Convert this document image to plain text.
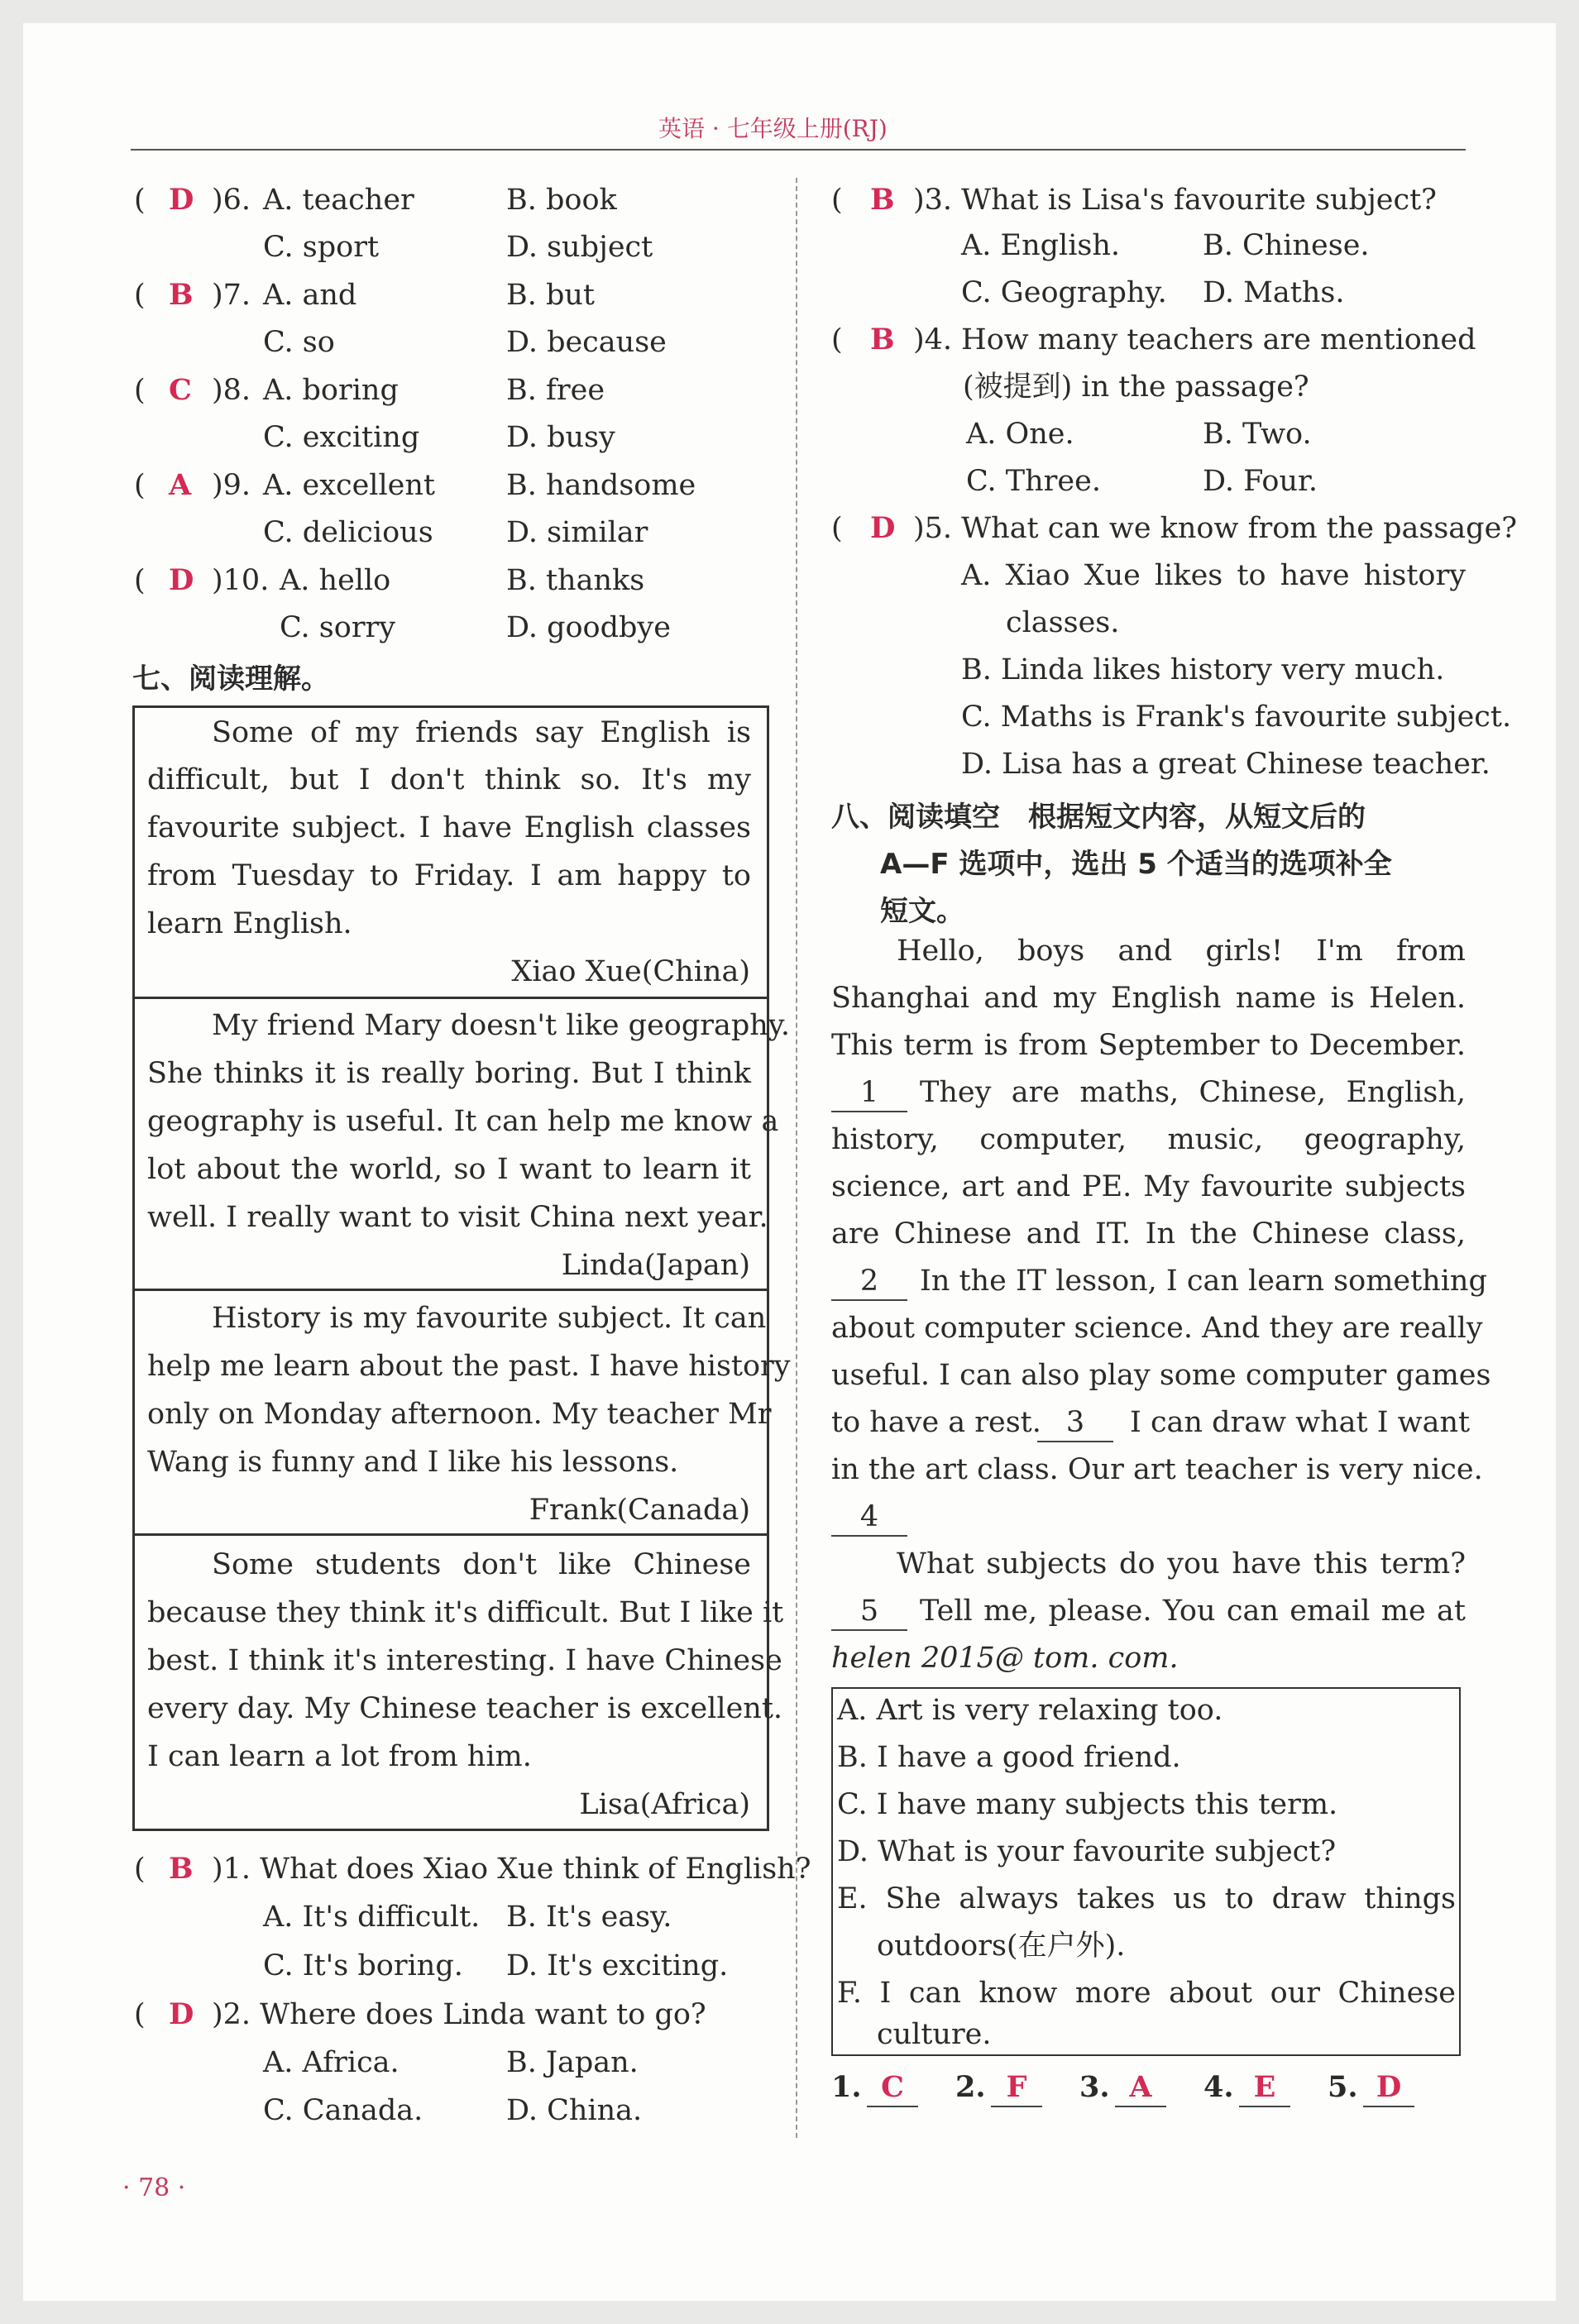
英语 · 七年级上册(RJ)
( D )6. A. teacher	B. book
C. sport	D. subject
( B )7. A. and	B. but
C. so	D. because
( C )8. A. boring	B. free
C. exciting	D. busy
( A )9. A. excellent B. handsome
C. delicious	D. similar
( D )10. A. hello	B. thanks
C. sorry	D. goodbye
七、阅读理解。
Some of my friends say English is
difficult, but I don't think so. It's my
favourite subject. I have English classes
from Tuesday to Friday. I am happy to
learn English.
Xiao Xue(China)
My friend Mary doesn't like geography.
She thinks it is really boring. But I think
geography is useful. It can help me know a
lot about the world, so I want to learn it
well. I really want to visit China next year.
Linda(Japan)
History is my favourite subject. It can
help me learn about the past. I have history
only on Monday afternoon. My teacher Mr
Wang is funny and I like his lessons.
Frank(Canada)
Some students don't like Chinese
because they think it's difficult. But I like it
best. I think it's interesting. I have Chinese
every day. My Chinese teacher is excellent.
I can learn a lot from him.
Lisa(Africa)
( B )1. What does Xiao Xue think of English?
A. It's difficult. B. It's easy.
C. It's boring. D. It's exciting.
( D )2. Where does Linda want to go?
A. Africa.	B. Japan.
C. Canada.	D. China.
( B )3. What is Lisa's favourite subject?
A. English.	B. Chinese.
C. Geography. D. Maths.
( B )4. How many teachers are mentioned
(被提到) in the passage?
A. One.	B. Two.
C. Three.	D. Four.
( D )5. What can we know from the passage?
A. Xiao Xue likes to have history
classes.
B. Linda likes history very much.
C. Maths is Frank's favourite subject.
D. Lisa has a great Chinese teacher.
八、阅读填空　根据短文内容，从短文后的
A—F 选项中，选出 5 个适当的选项补全
短文。
Hello, boys and girls! I'm from
Shanghai and my English name is Helen.
This term is from September to December.
1	They are maths, Chinese, English,
history, computer, music, geography,
science, art and PE. My favourite subjects
are Chinese and IT. In the Chinese class,
2	In the IT lesson, I can learn something
about computer science. And they are really
useful. I can also play some computer games
to have a rest. 3	I can draw what I want
in the art class. Our art teacher is very nice.
4
What subjects do you have this term?
5	Tell me, please. You can email me at
helen 2015@ tom. com.
A. Art is very relaxing too.
B. I have a good friend.
C. I have many subjects this term.
D. What is your favourite subject?
E. She always takes us to draw things
outdoors(在户外).
F. I can know more about our Chinese
culture.
1. C	2. F	3. A	4. E	5. D
· 78 ·
